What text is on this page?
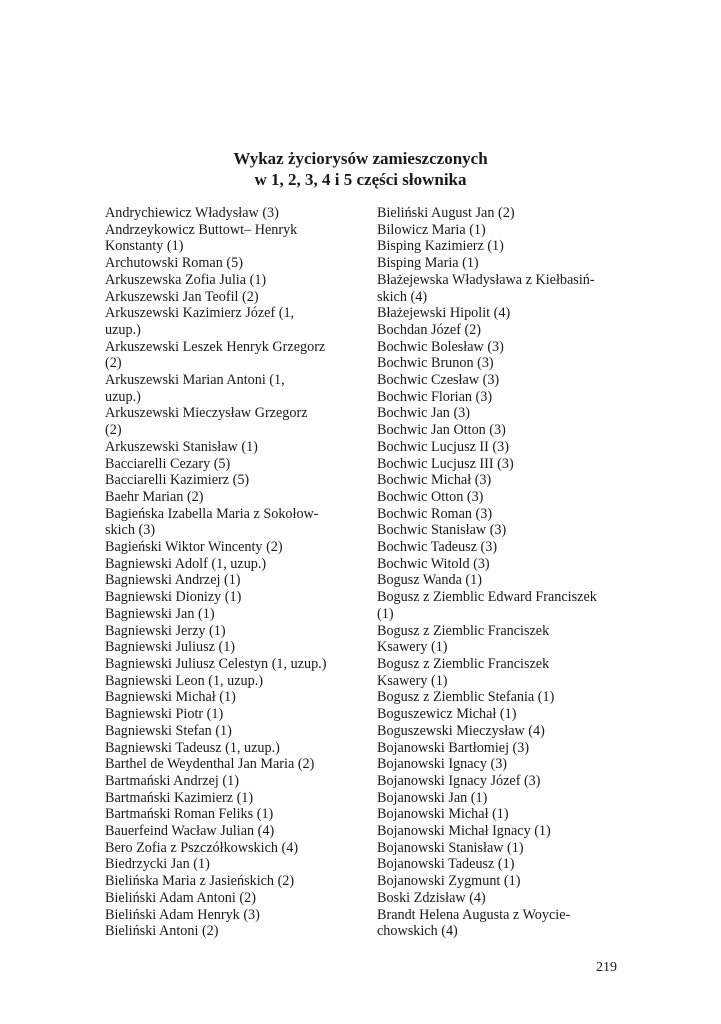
Wykaz życiorysów zamieszczonych
w 1, 2, 3, 4 i 5 części słownika
Andrychiewicz Władysław (3)
Andrzeykowicz Buttowt– Henryk
Konstanty (1)
Archutowski Roman (5)
Arkuszewska Zofia Julia (1)
Arkuszewski Jan Teofil (2)
Arkuszewski Kazimierz Józef (1,
uzup.)
Arkuszewski Leszek Henryk Grzegorz
(2)
Arkuszewski Marian Antoni (1,
uzup.)
Arkuszewski Mieczysław Grzegorz
(2)
Arkuszewski Stanisław (1)
Bacciarelli Cezary (5)
Bacciarelli Kazimierz (5)
Baehr Marian (2)
Bagieńska Izabella Maria z Sokołow-
skich (3)
Bagieński Wiktor Wincenty (2)
Bagniewski Adolf (1, uzup.)
Bagniewski Andrzej (1)
Bagniewski Dionizy (1)
Bagniewski Jan (1)
Bagniewski Jerzy (1)
Bagniewski Juliusz (1)
Bagniewski Juliusz Celestyn (1, uzup.)
Bagniewski Leon (1, uzup.)
Bagniewski Michał (1)
Bagniewski Piotr (1)
Bagniewski Stefan (1)
Bagniewski Tadeusz (1, uzup.)
Barthel de Weydenthal Jan Maria (2)
Bartmański Andrzej (1)
Bartmański Kazimierz (1)
Bartmański Roman Feliks (1)
Bauerfeind Wacław Julian (4)
Bero Zofia z Pszczółkowskich (4)
Biedrzycki Jan (1)
Bielińska Maria z Jasieńskich (2)
Bieliński Adam Antoni (2)
Bieliński Adam Henryk (3)
Bieliński Antoni (2)
Bieliński August Jan (2)
Bilowicz Maria (1)
Bisping Kazimierz (1)
Bisping Maria (1)
Błażejewska Władysława z Kiełbasiń-
skich (4)
Błażejewski Hipolit (4)
Bochdan Józef (2)
Bochwic Bolesław (3)
Bochwic Brunon (3)
Bochwic Czesław (3)
Bochwic Florian (3)
Bochwic Jan (3)
Bochwic Jan Otton (3)
Bochwic Lucjusz II (3)
Bochwic Lucjusz III (3)
Bochwic Michał (3)
Bochwic Otton (3)
Bochwic Roman (3)
Bochwic Stanisław (3)
Bochwic Tadeusz (3)
Bochwic Witold (3)
Bogusz Wanda (1)
Bogusz z Ziemblic Edward Franciszek
(1)
Bogusz z Ziemblic Franciszek
Ksawery (1)
Bogusz z Ziemblic Franciszek
Ksawery (1)
Bogusz z Ziemblic Stefania (1)
Boguszewicz Michał (1)
Boguszewski Mieczysław (4)
Bojanowski Bartłomiej (3)
Bojanowski Ignacy (3)
Bojanowski Ignacy Józef (3)
Bojanowski Jan (1)
Bojanowski Michał (1)
Bojanowski Michał Ignacy (1)
Bojanowski Stanisław (1)
Bojanowski Tadeusz (1)
Bojanowski Zygmunt (1)
Boski Zdzisław (4)
Brandt Helena Augusta z Woycie-
chowskich (4)
219
